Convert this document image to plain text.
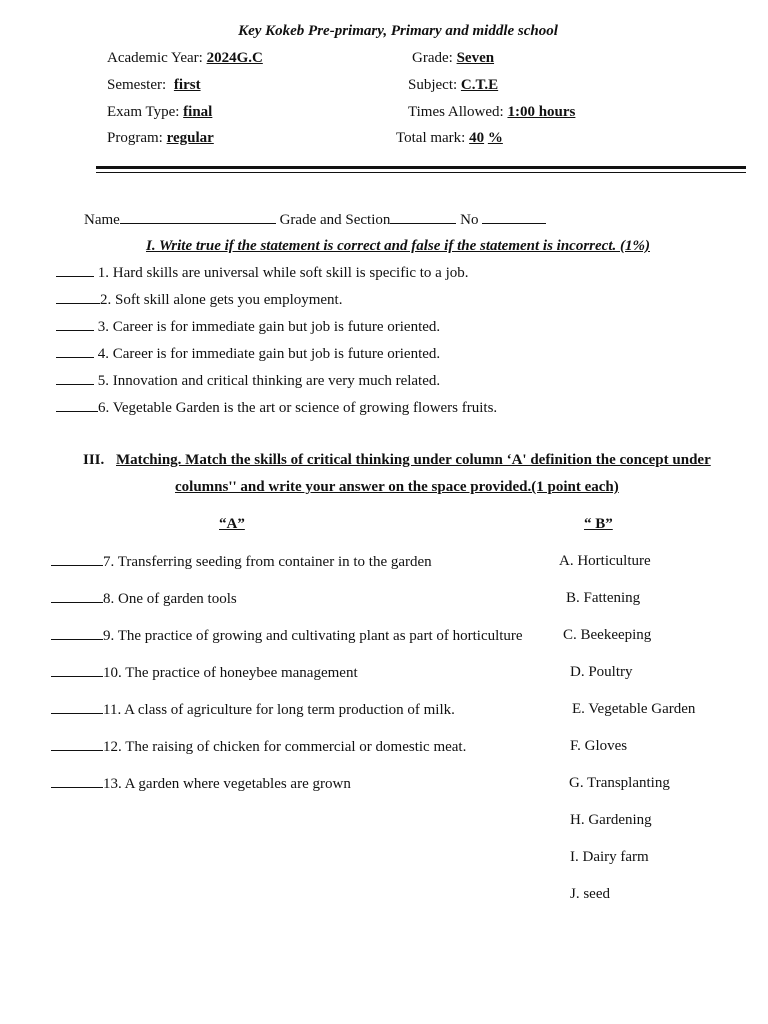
Key Kokeb Pre-primary, Primary and middle school
Academic Year: 2024G.C	Grade: Seven
Semester: first	Subject: C.T.E
Exam Type: final	Times Allowed: 1:00 hours
Program: regular	Total mark: 40 %
Name	Grade and Section	No
I. Write true if the statement is correct and false if the statement is incorrect. (1%)
1. Hard skills are universal while soft skill is specific to a job.
2. Soft skill alone gets you employment.
3. Career is for immediate gain but job is future oriented.
4. Career is for immediate gain but job is future oriented.
5. Innovation and critical thinking are very much related.
6. Vegetable Garden is the art or science of growing flowers fruits.
III. Matching. Match the skills of critical thinking under column ‘A' definition the concept under
columns'' and write your answer on the space provided.(1 point each)
“A”	“ B”
7. Transferring seeding from container in to the garden
8. One of garden tools
9. The practice of growing and cultivating plant as part of horticulture
10. The practice of honeybee management
11. A class of agriculture for long term production of milk.
12. The raising of chicken for commercial or domestic meat.
13. A garden where vegetables are grown
A. Horticulture
B. Fattening
C. Beekeeping
D. Poultry
E. Vegetable Garden
F. Gloves
G. Transplanting
H. Gardening
I. Dairy farm
J. seed
